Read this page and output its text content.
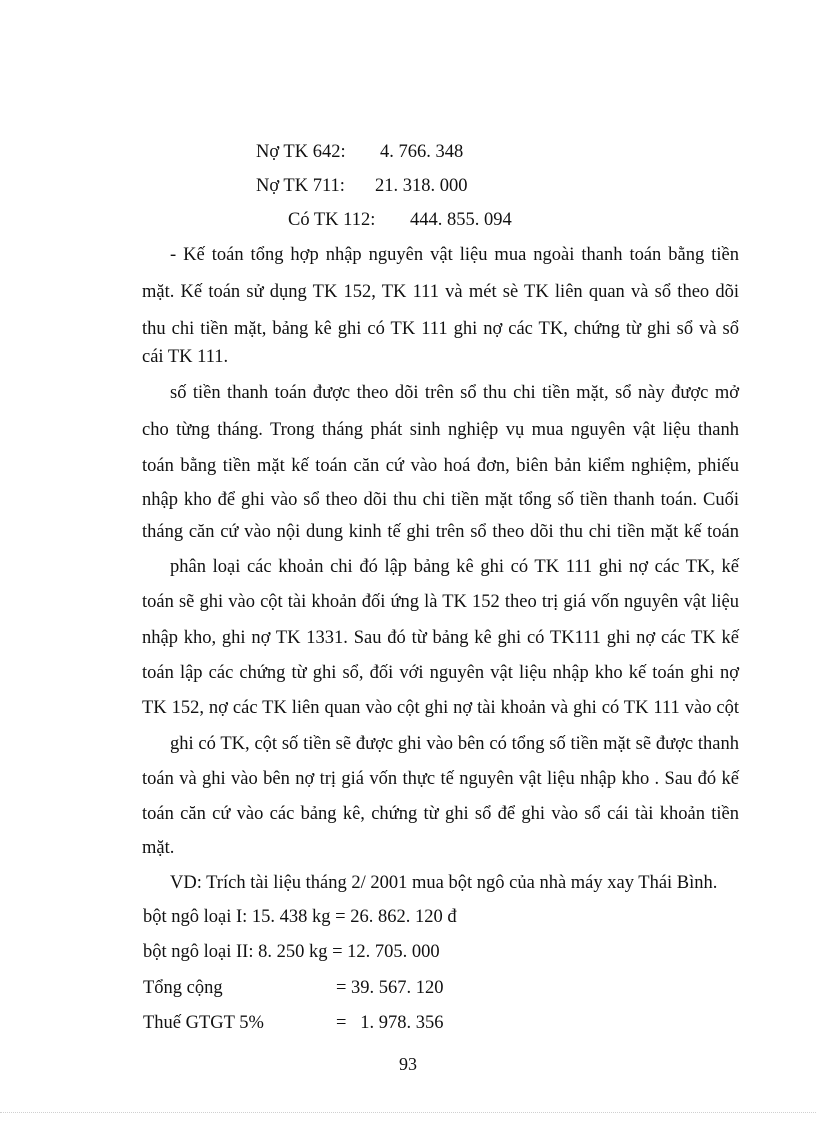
Nợ TK 642: 4. 766. 348
Nợ TK 711: 21. 318. 000
Có TK 112: 444. 855. 094
- Kế toán tổng hợp nhập nguyên vật liệu mua ngoài thanh toán bằng tiền
mặt. Kế toán sử dụng TK 152, TK 111 và mét sè TK liên quan và sổ theo dõi
thu chi tiền mặt, bảng kê ghi có TK 111 ghi nợ các TK, chứng từ ghi sổ và sổ
cái TK 111.
số tiền thanh toán được theo dõi trên sổ thu chi tiền mặt, sổ này được mở
cho từng tháng. Trong tháng phát sinh nghiệp vụ mua nguyên vật liệu thanh
toán bằng tiền mặt kế toán căn cứ vào hoá đơn, biên bản kiểm nghiệm, phiếu
nhập kho để ghi vào sổ theo dõi thu chi tiền mặt tổng số tiền thanh toán. Cuối
tháng căn cứ vào nội dung kinh tế ghi trên sổ theo dõi thu chi tiền mặt kế toán
phân loại các khoản chi đó lập bảng kê ghi có TK 111 ghi nợ các TK, kế
toán sẽ ghi vào cột tài khoản đối ứng là TK 152 theo trị giá vốn nguyên vật liệu
nhập kho, ghi nợ TK 1331. Sau đó từ bảng kê ghi có TK111 ghi nợ các TK kế
toán lập các chứng từ ghi sổ, đối với nguyên vật liệu nhập kho kế toán ghi nợ
TK 152, nợ các TK liên quan vào cột ghi nợ tài khoản và ghi có TK 111 vào cột
ghi có TK, cột số tiền sẽ được ghi vào bên có tổng số tiền mặt sẽ được thanh
toán và ghi vào bên nợ trị giá vốn thực tế nguyên vật liệu nhập kho . Sau đó kế
toán căn cứ vào các bảng kê, chứng từ ghi sổ để ghi vào sổ cái tài khoản tiền
mặt.
VD: Trích tài liệu tháng 2/ 2001 mua bột ngô của nhà máy xay Thái Bình.
bột ngô loại I: 15. 438 kg = 26. 862. 120 đ
bột ngô loại II: 8. 250 kg = 12. 705. 000
Tổng cộng	= 39. 567. 120
Thuế GTGT 5%	=   1. 978. 356
93
